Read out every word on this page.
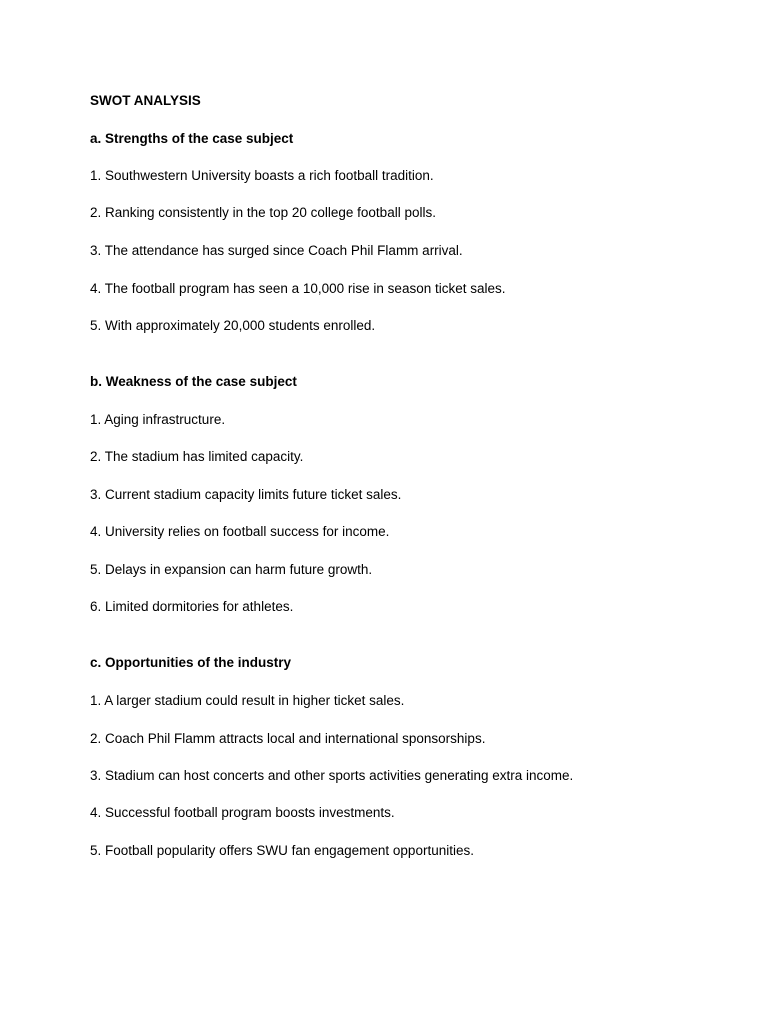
SWOT ANALYSIS
a. Strengths of the case subject
1. Southwestern University boasts a rich football tradition.
2. Ranking consistently in the top 20 college football polls.
3. The attendance has surged since Coach Phil Flamm arrival.
4. The football program has seen a 10,000 rise in season ticket sales.
5. With approximately 20,000 students enrolled.
b. Weakness of the case subject
1. Aging infrastructure.
2. The stadium has limited capacity.
3. Current stadium capacity limits future ticket sales.
4. University relies on football success for income.
5. Delays in expansion can harm future growth.
6. Limited dormitories for athletes.
c. Opportunities of the industry
1. A larger stadium could result in higher ticket sales.
2. Coach Phil Flamm attracts local and international sponsorships.
3. Stadium can host concerts and other sports activities generating extra income.
4. Successful football program boosts investments.
5. Football popularity offers SWU fan engagement opportunities.
